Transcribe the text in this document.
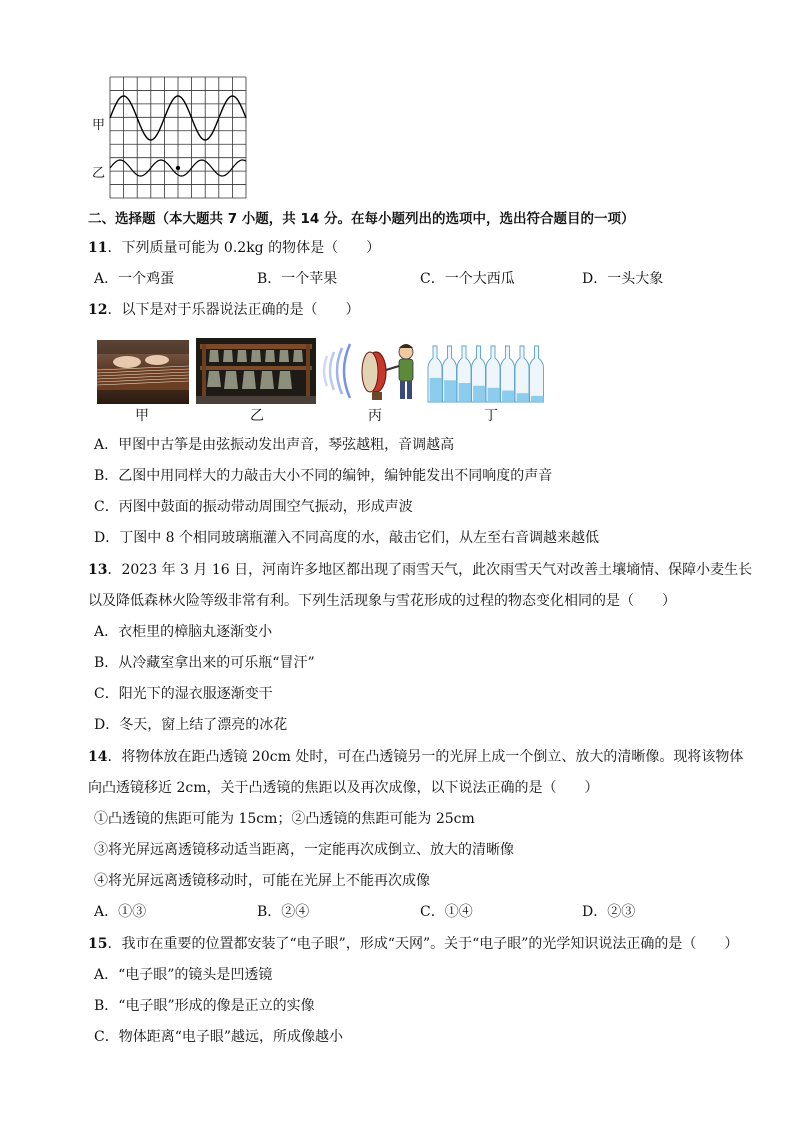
甲
乙
二、选择题（本大题共 7 小题，共 14 分。在每小题列出的选项中，选出符合题目的一项）
11．下列质量可能为 0.2kg 的物体是（　　）
A．一个鸡蛋	B．一个苹果	C．一个大西瓜	D．一头大象
12．以下是对于乐器说法正确的是（　　）
甲	乙	丙	丁
A．甲图中古筝是由弦振动发出声音，琴弦越粗，音调越高
B．乙图中用同样大的力敲击大小不同的编钟，编钟能发出不同响度的声音
C．丙图中鼓面的振动带动周围空气振动，形成声波
D．丁图中 8 个相同玻璃瓶灌入不同高度的水，敲击它们，从左至右音调越来越低
13．2023 年 3 月 16 日，河南许多地区都出现了雨雪天气，此次雨雪天气对改善土壤墒情、保障小麦生长
以及降低森林火险等级非常有利。下列生活现象与雪花形成的过程的物态变化相同的是（　　）
A．衣柜里的樟脑丸逐渐变小
B．从冷藏室拿出来的可乐瓶“冒汗”
C．阳光下的湿衣服逐渐变干
D．冬天，窗上结了漂亮的冰花
14．将物体放在距凸透镜 20cm 处时，可在凸透镜另一的光屏上成一个倒立、放大的清晰像。现将该物体
向凸透镜移近 2cm，关于凸透镜的焦距以及再次成像，以下说法正确的是（　　）
①凸透镜的焦距可能为 15cm；②凸透镜的焦距可能为 25cm
③将光屏远离透镜移动适当距离，一定能再次成倒立、放大的清晰像
④将光屏远离透镜移动时，可能在光屏上不能再次成像
A．①③	B．②④	C．①④	D．②③
15．我市在重要的位置都安装了“电子眼”，形成“天网”。关于“电子眼”的光学知识说法正确的是（　　）
A．“电子眼”的镜头是凹透镜
B．“电子眼”形成的像是正立的实像
C．物体距离“电子眼”越远，所成像越小
